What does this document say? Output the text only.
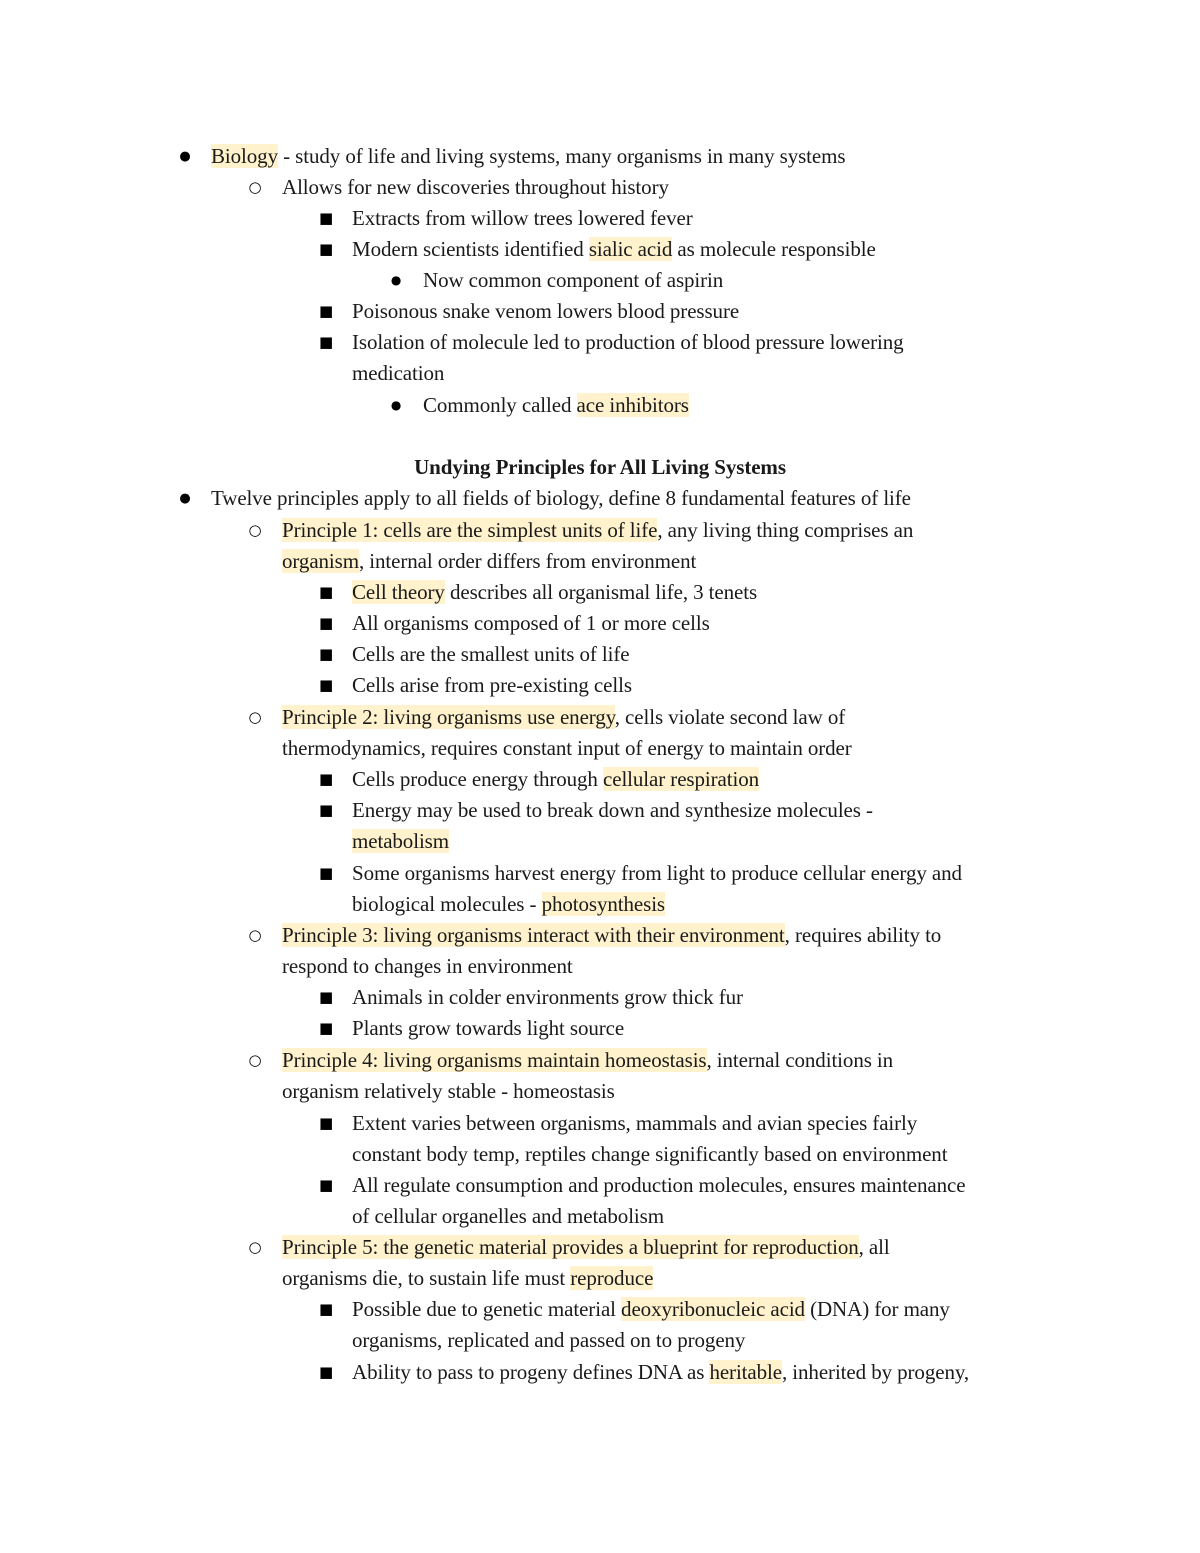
● Biology - study of life and living systems, many organisms in many systems
○ Allows for new discoveries throughout history
■ Extracts from willow trees lowered fever
■ Modern scientists identified sialic acid as molecule responsible
● Now common component of aspirin
■ Poisonous snake venom lowers blood pressure
■ Isolation of molecule led to production of blood pressure lowering
medication
● Commonly called ace inhibitors
Undying Principles for All Living Systems
● Twelve principles apply to all fields of biology, define 8 fundamental features of life
○ Principle 1: cells are the simplest units of life, any living thing comprises an
organism, internal order differs from environment
■ Cell theory describes all organismal life, 3 tenets
■ All organisms composed of 1 or more cells
■ Cells are the smallest units of life
■ Cells arise from pre-existing cells
○ Principle 2: living organisms use energy, cells violate second law of
thermodynamics, requires constant input of energy to maintain order
■ Cells produce energy through cellular respiration
■ Energy may be used to break down and synthesize molecules -
metabolism
■ Some organisms harvest energy from light to produce cellular energy and
biological molecules - photosynthesis
○ Principle 3: living organisms interact with their environment, requires ability to
respond to changes in environment
■ Animals in colder environments grow thick fur
■ Plants grow towards light source
○ Principle 4: living organisms maintain homeostasis, internal conditions in
organism relatively stable - homeostasis
■ Extent varies between organisms, mammals and avian species fairly
constant body temp, reptiles change significantly based on environment
■ All regulate consumption and production molecules, ensures maintenance
of cellular organelles and metabolism
○ Principle 5: the genetic material provides a blueprint for reproduction, all
organisms die, to sustain life must reproduce
■ Possible due to genetic material deoxyribonucleic acid (DNA) for many
organisms, replicated and passed on to progeny
■ Ability to pass to progeny defines DNA as heritable, inherited by progeny,
